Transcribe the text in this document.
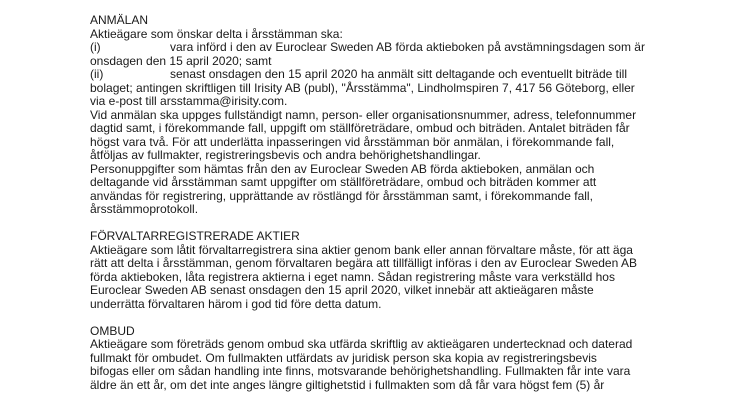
ANMÄLAN
Aktieägare som önskar delta i årsstämman ska:
(i)	vara införd i den av Euroclear Sweden AB förda aktieboken på avstämningsdagen som är
onsdagen den 15 april 2020; samt
(ii)	senast onsdagen den 15 april 2020 ha anmält sitt deltagande och eventuellt biträde till
bolaget; antingen skriftligen till Irisity AB (publ), "Årsstämma", Lindholmspiren 7, 417 56 Göteborg, eller
via e-post till arsstamma@irisity.com.
Vid anmälan ska uppges fullständigt namn, person- eller organisationsnummer, adress, telefonnummer
dagtid samt, i förekommande fall, uppgift om ställföreträdare, ombud och biträden. Antalet biträden får
högst vara två. För att underlätta inpasseringen vid årsstämman bör anmälan, i förekommande fall,
åtföljas av fullmakter, registreringsbevis och andra behörighetshandlingar.
Personuppgifter som hämtas från den av Euroclear Sweden AB förda aktieboken, anmälan och
deltagande vid årsstämman samt uppgifter om ställföreträdare, ombud och biträden kommer att
användas för registrering, upprättande av röstlängd för årsstämman samt, i förekommande fall,
årsstämmoprotokoll.
FÖRVALTARREGISTRERADE AKTIER
Aktieägare som låtit förvaltarregistrera sina aktier genom bank eller annan förvaltare måste, för att äga
rätt att delta i årsstämman, genom förvaltaren begära att tillfälligt införas i den av Euroclear Sweden AB
förda aktieboken, låta registrera aktierna i eget namn. Sådan registrering måste vara verkställd hos
Euroclear Sweden AB senast onsdagen den 15 april 2020, vilket innebär att aktieägaren måste
underrätta förvaltaren härom i god tid före detta datum.
OMBUD
Aktieägare som företräds genom ombud ska utfärda skriftlig av aktieägaren undertecknad och daterad
fullmakt för ombudet. Om fullmakten utfärdats av juridisk person ska kopia av registreringsbevis
bifogas eller om sådan handling inte finns, motsvarande behörighetshandling. Fullmakten får inte vara
äldre än ett år, om det inte anges längre giltighetstid i fullmakten som då får vara högst fem (5) år
